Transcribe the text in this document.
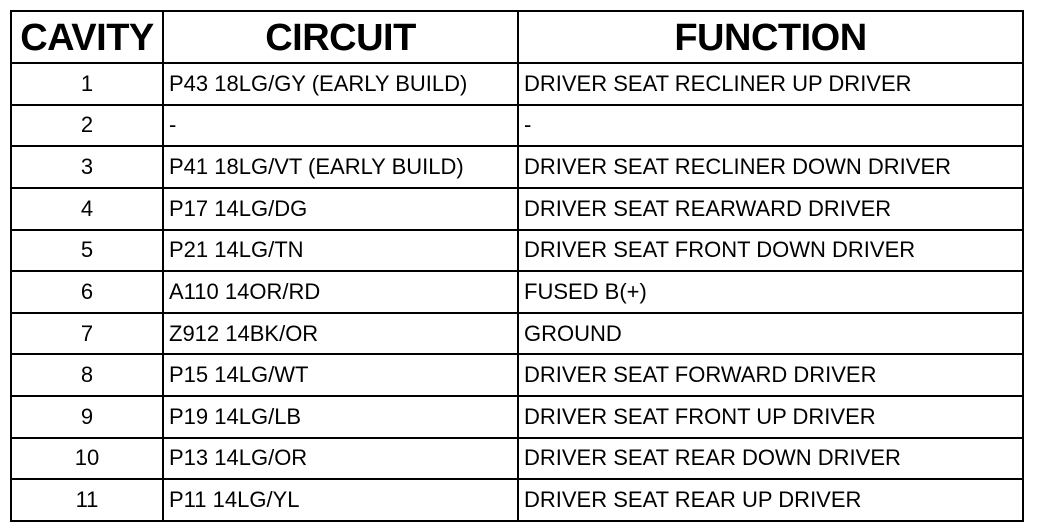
CAVITY	CIRCUIT	FUNCTION
1	P43 18LG/GY (EARLY BUILD)	DRIVER SEAT RECLINER UP DRIVER
2	-	-
3	P41 18LG/VT (EARLY BUILD)	DRIVER SEAT RECLINER DOWN DRIVER
4	P17 14LG/DG	DRIVER SEAT REARWARD DRIVER
5	P21 14LG/TN	DRIVER SEAT FRONT DOWN DRIVER
6	A110 14OR/RD	FUSED B(+)
7	Z912 14BK/OR	GROUND
8	P15 14LG/WT	DRIVER SEAT FORWARD DRIVER
9	P19 14LG/LB	DRIVER SEAT FRONT UP DRIVER
10	P13 14LG/OR	DRIVER SEAT REAR DOWN DRIVER
11	P11 14LG/YL	DRIVER SEAT REAR UP DRIVER
